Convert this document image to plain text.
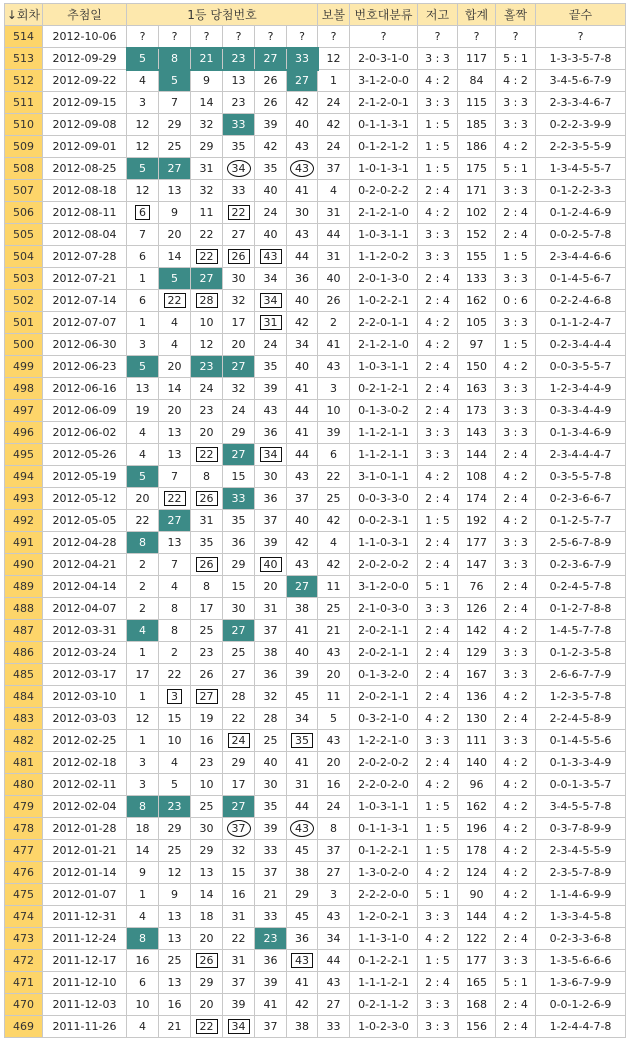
↓회차	추첨일	1등 당첨번호						보볼	번호대분류	저고	합계	홀짝	끝수
514	2012-10-06	?	?	?	?	?	?	?	?	?	?	?	?
513	2012-09-29	5	8	21	23	27	33	12	2-0-3-1-0	3 : 3	117	5 : 1	1-3-3-5-7-8
512	2012-09-22	4	5	9	13	26	27	1	3-1-2-0-0	4 : 2	84	4 : 2	3-4-5-6-7-9
511	2012-09-15	3	7	14	23	26	42	24	2-1-2-0-1	3 : 3	115	3 : 3	2-3-3-4-6-7
510	2012-09-08	12	29	32	33	39	40	42	0-1-1-3-1	1 : 5	185	3 : 3	0-2-2-3-9-9
509	2012-09-01	12	25	29	35	42	43	24	0-1-2-1-2	1 : 5	186	4 : 2	2-2-3-5-5-9
508	2012-08-25	5	27	31	34	35	43	37	1-0-1-3-1	1 : 5	175	5 : 1	1-3-4-5-5-7
507	2012-08-18	12	13	32	33	40	41	4	0-2-0-2-2	2 : 4	171	3 : 3	0-1-2-2-3-3
506	2012-08-11	6	9	11	22	24	30	31	2-1-2-1-0	4 : 2	102	2 : 4	0-1-2-4-6-9
505	2012-08-04	7	20	22	27	40	43	44	1-0-3-1-1	3 : 3	152	2 : 4	0-0-2-5-7-8
504	2012-07-28	6	14	22	26	43	44	31	1-1-2-0-2	3 : 3	155	1 : 5	2-3-4-4-6-6
503	2012-07-21	1	5	27	30	34	36	40	2-0-1-3-0	2 : 4	133	3 : 3	0-1-4-5-6-7
502	2012-07-14	6	22	28	32	34	40	26	1-0-2-2-1	2 : 4	162	0 : 6	0-2-2-4-6-8
501	2012-07-07	1	4	10	17	31	42	2	2-2-0-1-1	4 : 2	105	3 : 3	0-1-1-2-4-7
500	2012-06-30	3	4	12	20	24	34	41	2-1-2-1-0	4 : 2	97	1 : 5	0-2-3-4-4-4
499	2012-06-23	5	20	23	27	35	40	43	1-0-3-1-1	2 : 4	150	4 : 2	0-0-3-5-5-7
498	2012-06-16	13	14	24	32	39	41	3	0-2-1-2-1	2 : 4	163	3 : 3	1-2-3-4-4-9
497	2012-06-09	19	20	23	24	43	44	10	0-1-3-0-2	2 : 4	173	3 : 3	0-3-3-4-4-9
496	2012-06-02	4	13	20	29	36	41	39	1-1-2-1-1	3 : 3	143	3 : 3	0-1-3-4-6-9
495	2012-05-26	4	13	22	27	34	44	6	1-1-2-1-1	3 : 3	144	2 : 4	2-3-4-4-4-7
494	2012-05-19	5	7	8	15	30	43	22	3-1-0-1-1	4 : 2	108	4 : 2	0-3-5-5-7-8
493	2012-05-12	20	22	26	33	36	37	25	0-0-3-3-0	2 : 4	174	2 : 4	0-2-3-6-6-7
492	2012-05-05	22	27	31	35	37	40	42	0-0-2-3-1	1 : 5	192	4 : 2	0-1-2-5-7-7
491	2012-04-28	8	13	35	36	39	42	4	1-1-0-3-1	2 : 4	177	3 : 3	2-5-6-7-8-9
490	2012-04-21	2	7	26	29	40	43	42	2-0-2-0-2	2 : 4	147	3 : 3	0-2-3-6-7-9
489	2012-04-14	2	4	8	15	20	27	11	3-1-2-0-0	5 : 1	76	2 : 4	0-2-4-5-7-8
488	2012-04-07	2	8	17	30	31	38	25	2-1-0-3-0	3 : 3	126	2 : 4	0-1-2-7-8-8
487	2012-03-31	4	8	25	27	37	41	21	2-0-2-1-1	2 : 4	142	4 : 2	1-4-5-7-7-8
486	2012-03-24	1	2	23	25	38	40	43	2-0-2-1-1	2 : 4	129	3 : 3	0-1-2-3-5-8
485	2012-03-17	17	22	26	27	36	39	20	0-1-3-2-0	2 : 4	167	3 : 3	2-6-6-7-7-9
484	2012-03-10	1	3	27	28	32	45	11	2-0-2-1-1	2 : 4	136	4 : 2	1-2-3-5-7-8
483	2012-03-03	12	15	19	22	28	34	5	0-3-2-1-0	4 : 2	130	2 : 4	2-2-4-5-8-9
482	2012-02-25	1	10	16	24	25	35	43	1-2-2-1-0	3 : 3	111	3 : 3	0-1-4-5-5-6
481	2012-02-18	3	4	23	29	40	41	20	2-0-2-0-2	2 : 4	140	4 : 2	0-1-3-3-4-9
480	2012-02-11	3	5	10	17	30	31	16	2-2-0-2-0	4 : 2	96	4 : 2	0-0-1-3-5-7
479	2012-02-04	8	23	25	27	35	44	24	1-0-3-1-1	1 : 5	162	4 : 2	3-4-5-5-7-8
478	2012-01-28	18	29	30	37	39	43	8	0-1-1-3-1	1 : 5	196	4 : 2	0-3-7-8-9-9
477	2012-01-21	14	25	29	32	33	45	37	0-1-2-2-1	1 : 5	178	4 : 2	2-3-4-5-5-9
476	2012-01-14	9	12	13	15	37	38	27	1-3-0-2-0	4 : 2	124	4 : 2	2-3-5-7-8-9
475	2012-01-07	1	9	14	16	21	29	3	2-2-2-0-0	5 : 1	90	4 : 2	1-1-4-6-9-9
474	2011-12-31	4	13	18	31	33	45	43	1-2-0-2-1	3 : 3	144	4 : 2	1-3-3-4-5-8
473	2011-12-24	8	13	20	22	23	36	34	1-1-3-1-0	4 : 2	122	2 : 4	0-2-3-3-6-8
472	2011-12-17	16	25	26	31	36	43	44	0-1-2-2-1	1 : 5	177	3 : 3	1-3-5-6-6-6
471	2011-12-10	6	13	29	37	39	41	43	1-1-1-2-1	2 : 4	165	5 : 1	1-3-6-7-9-9
470	2011-12-03	10	16	20	39	41	42	27	0-2-1-1-2	3 : 3	168	2 : 4	0-0-1-2-6-9
469	2011-11-26	4	21	22	34	37	38	33	1-0-2-3-0	3 : 3	156	2 : 4	1-2-4-4-7-8
